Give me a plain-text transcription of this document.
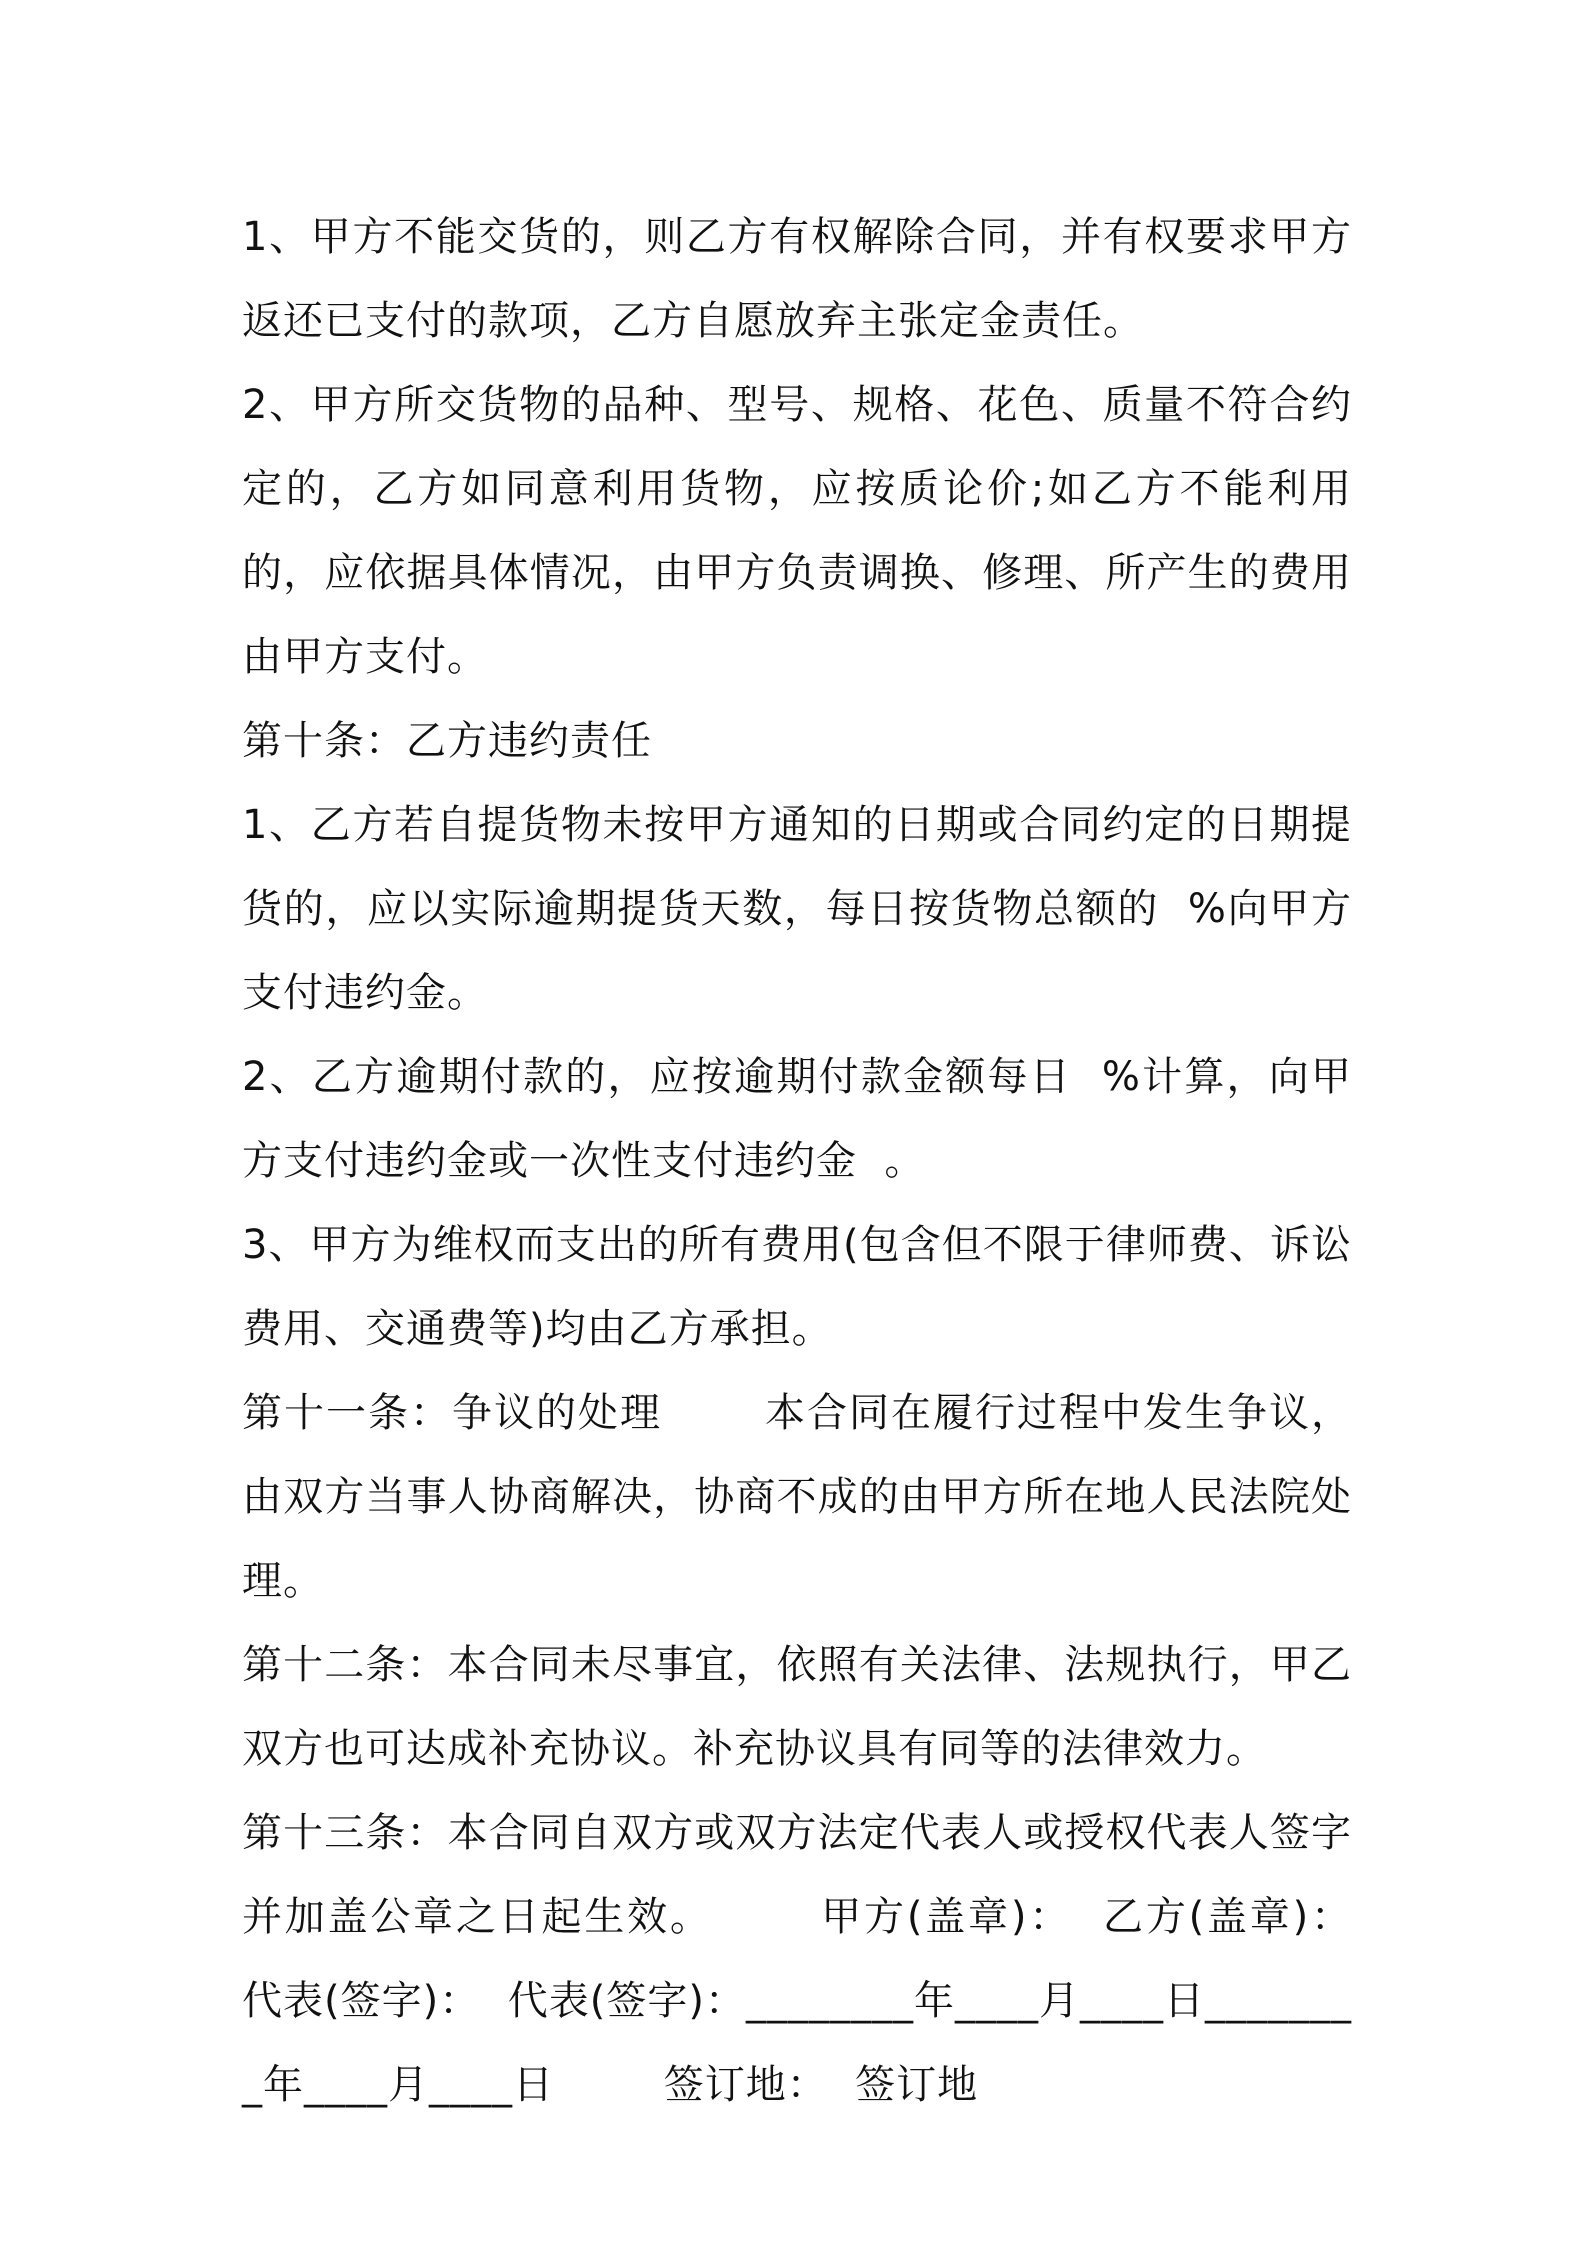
1、甲方不能交货的，则乙方有权解除合同，并有权要求甲方返还已支付的款项，乙方自愿放弃主张定金责任。

2、甲方所交货物的品种、型号、规格、花色、质量不符合约定的，乙方如同意利用货物，应按质论价;如乙方不能利用的，应依据具体情况，由甲方负责调换、修理、所产生的费用由甲方支付。

第十条：乙方违约责任

1、乙方若自提货物未按甲方通知的日期或合同约定的日期提货的，应以实际逾期提货天数，每日按货物总额的  %向甲方支付违约金。

2、乙方逾期付款的，应按逾期付款金额每日  %计算，向甲方支付违约金或一次性支付违约金  。

3、甲方为维权而支出的所有费用(包含但不限于律师费、诉讼费用、交通费等)均由乙方承担。

第十一条：争议的处理       本合同在履行过程中发生争议，由双方当事人协商解决，协商不成的由甲方所在地人民法院处理。

第十二条：本合同未尽事宜，依照有关法律、法规执行，甲乙双方也可达成补充协议。补充协议具有同等的法律效力。

第十三条：本合同自双方或双方法定代表人或授权代表人签字并加盖公章之日起生效。       甲方(盖章)：  乙方(盖章)：        代表(签字)：  代表(签字)：________年____月____日________年____月____日        签订地：  签订地
